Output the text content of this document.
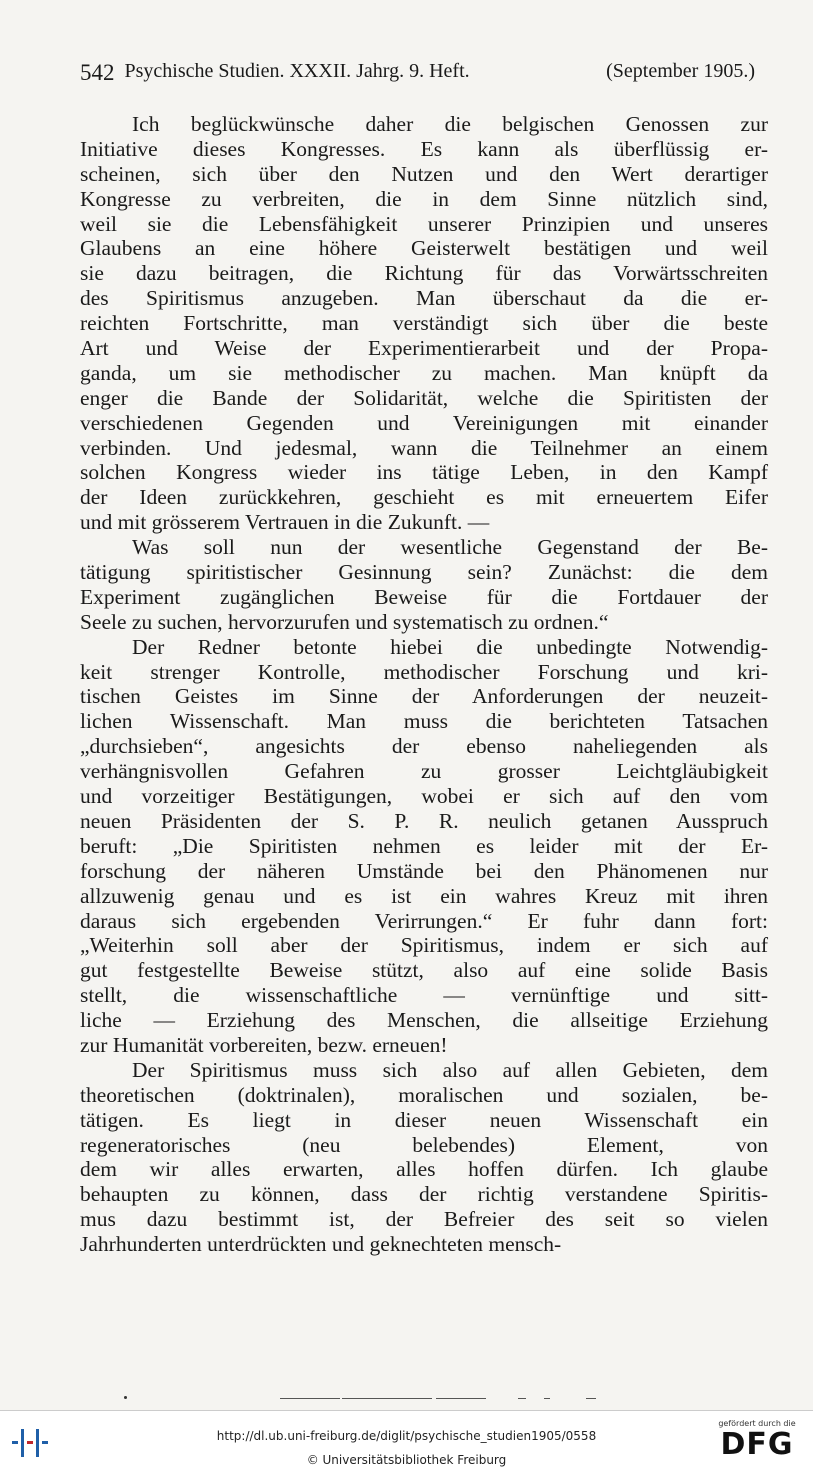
542 Psychische Studien. XXXII. Jahrg. 9. Heft.	(September 1905.)
Ich beglückwünsche daher die belgischen Genossen zur
Initiative dieses Kongresses. Es kann als überflüssig er-
scheinen, sich über den Nutzen und den Wert derartiger
Kongresse zu verbreiten, die in dem Sinne nützlich sind,
weil sie die Lebensfähigkeit unserer Prinzipien und unseres
Glaubens an eine höhere Geisterwelt bestätigen und weil
sie dazu beitragen, die Richtung für das Vorwärtsschreiten
des Spiritismus anzugeben. Man überschaut da die er-
reichten Fortschritte, man verständigt sich über die beste
Art und Weise der Experimentierarbeit und der Propa-
ganda, um sie methodischer zu machen. Man knüpft da
enger die Bande der Solidarität, welche die Spiritisten der
verschiedenen Gegenden und Vereinigungen mit einander
verbinden. Und jedesmal, wann die Teilnehmer an einem
solchen Kongress wieder ins tätige Leben, in den Kampf
der Ideen zurückkehren, geschieht es mit erneuertem Eifer
und mit grösserem Vertrauen in die Zukunft. —
Was soll nun der wesentliche Gegenstand der Be-
tätigung spiritistischer Gesinnung sein? Zunächst: die dem
Experiment zugänglichen Beweise für die Fortdauer der
Seele zu suchen, hervorzurufen und systematisch zu ordnen.“
Der Redner betonte hiebei die unbedingte Notwendig-
keit strenger Kontrolle, methodischer Forschung und kri-
tischen Geistes im Sinne der Anforderungen der neuzeit-
lichen Wissenschaft. Man muss die berichteten Tatsachen
„durchsieben“, angesichts der ebenso naheliegenden als
verhängnisvollen Gefahren zu grosser Leichtgläubigkeit
und vorzeitiger Bestätigungen, wobei er sich auf den vom
neuen Präsidenten der S. P. R. neulich getanen Ausspruch
beruft: „Die Spiritisten nehmen es leider mit der Er-
forschung der näheren Umstände bei den Phänomenen nur
allzuwenig genau und es ist ein wahres Kreuz mit ihren
daraus sich ergebenden Verirrungen.“ Er fuhr dann fort:
„Weiterhin soll aber der Spiritismus, indem er sich auf
gut festgestellte Beweise stützt, also auf eine solide Basis
stellt, die wissenschaftliche — vernünftige und sitt-
liche — Erziehung des Menschen, die allseitige Erziehung
zur Humanität vorbereiten, bezw. erneuen!
Der Spiritismus muss sich also auf allen Gebieten, dem
theoretischen (doktrinalen), moralischen und sozialen, be-
tätigen. Es liegt in dieser neuen Wissenschaft ein
regeneratorisches (neu belebendes) Element, von
dem wir alles erwarten, alles hoffen dürfen. Ich glaube
behaupten zu können, dass der richtig verstandene Spiritis-
mus dazu bestimmt ist, der Befreier des seit so vielen
Jahrhunderten unterdrückten und geknechteten mensch-
http://dl.ub.uni-freiburg.de/diglit/psychische_studien1905/0558
© Universitätsbibliothek Freiburg
gefördert durch die
DFG
